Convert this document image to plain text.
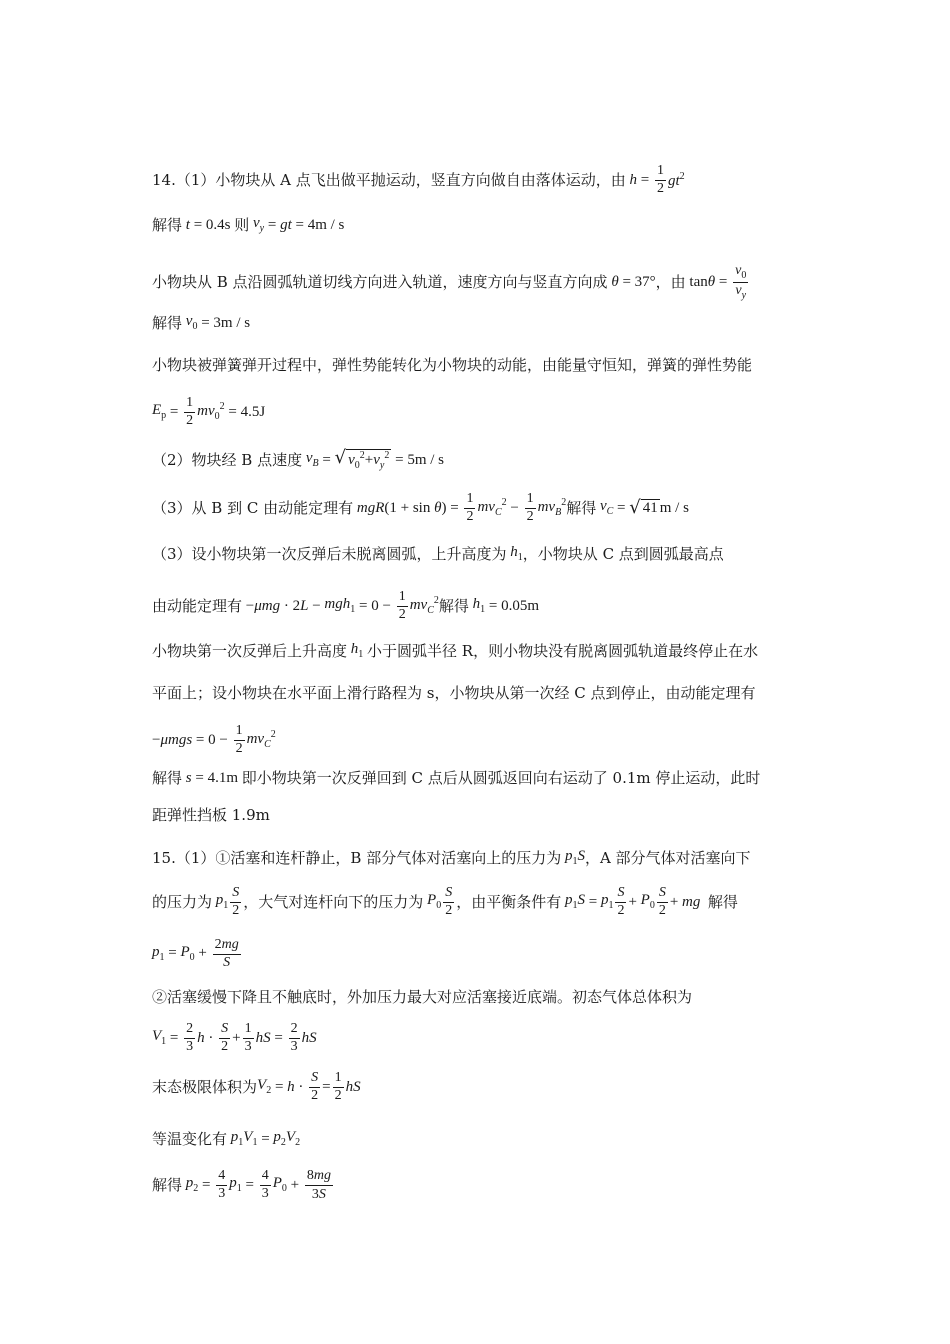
14.（1）小物块从 A 点飞出做平抛运动，竖直方向做自由落体运动，由 $h = \frac{1}{2} gt^2$
解得 t = 0.4s 则 $v_y$ = gt = 4m / s
小物块从 B 点沿圆弧轨道切线方向进入轨道，速度方向与竖直方向成 θ = 37° ，由 $\tan \theta = \frac{v_0}{v_y}$
解得 $v_0 = 3m / s$
小物块被弹簧弹开过程中，弹性势能转化为小物块的动能，由能量守恒知，弹簧的弹性势能
$E_p = \frac{1}{2} mv_0^2 = 4.5J$
（2）物块经 B 点速度 $v_B$ = √ $v_0^2+v_y^2 = 5m / s$
（3）从 B 到 C 由动能定理有 mgR (1 + sin θ ) = $\frac{1}{2} mv_C^2 - \frac{1}{2} mv_B^2$ 解得 $v_C$ = √ 41 m / s
（3）设小物块第一次反弹后未脱离圆弧，上升高度为 $h_1$ ，小物块从 C 点到圆弧最高点
由动能定理有 − μmg · 2 $L - mgh_1 = 0 - \frac{1}{2} mv_C^2$ 解得 $h_1 = 0.05m$
小物块第一次反弹后上升高度 $h_1$ 小于圆弧半径 R，则小物块没有脱离圆弧轨道最终停止在水
平面上；设小物块在水平面上滑行路程为 s，小物块从第一次经 C 点到停止，由动能定理有
− $\mu mgs = 0 - \frac{1}{2} mv_C^2$
解得 s = 4.1m 即小物块第一次反弹回到 C 点后从圆弧返回向右运动了 0.1m 停止运动，此时
距弹性挡板 1.9m
15.（1）①活塞和连杆静止，B 部分气体对活塞向上的压力为 $p_1S$ ，A 部分气体对活塞向下
的压力为 $p_1 \frac{S}{2}$ ，大气对连杆向下的压力为 $P_0 \frac{S}{2}$ ，由平衡条件有 $p_1S = p_1 \frac{S}{2} + P_0 \frac{S}{2}$ + mg 解得
$p_1 = P_0 + \frac{2mg}{S}$
②活塞缓慢下降且不触底时，外加压力最大对应活塞接近底端。初态气体总体积为
$V_1 = \frac{2}{3}$ $h \cdot \frac{S}{2} + \frac{1}{3}$ hS = $\frac{2}{3}$ hS
末态极限体积为 $V_2 = h \cdot \frac{S}{2} = \frac{1}{2}$ hS
等温变化有 $p_1V_1 = p_2V_2$
解得 $p_2 = \frac{4}{3} p_1 = \frac{4}{3} P_0 + \frac{8mg}{3S}$
